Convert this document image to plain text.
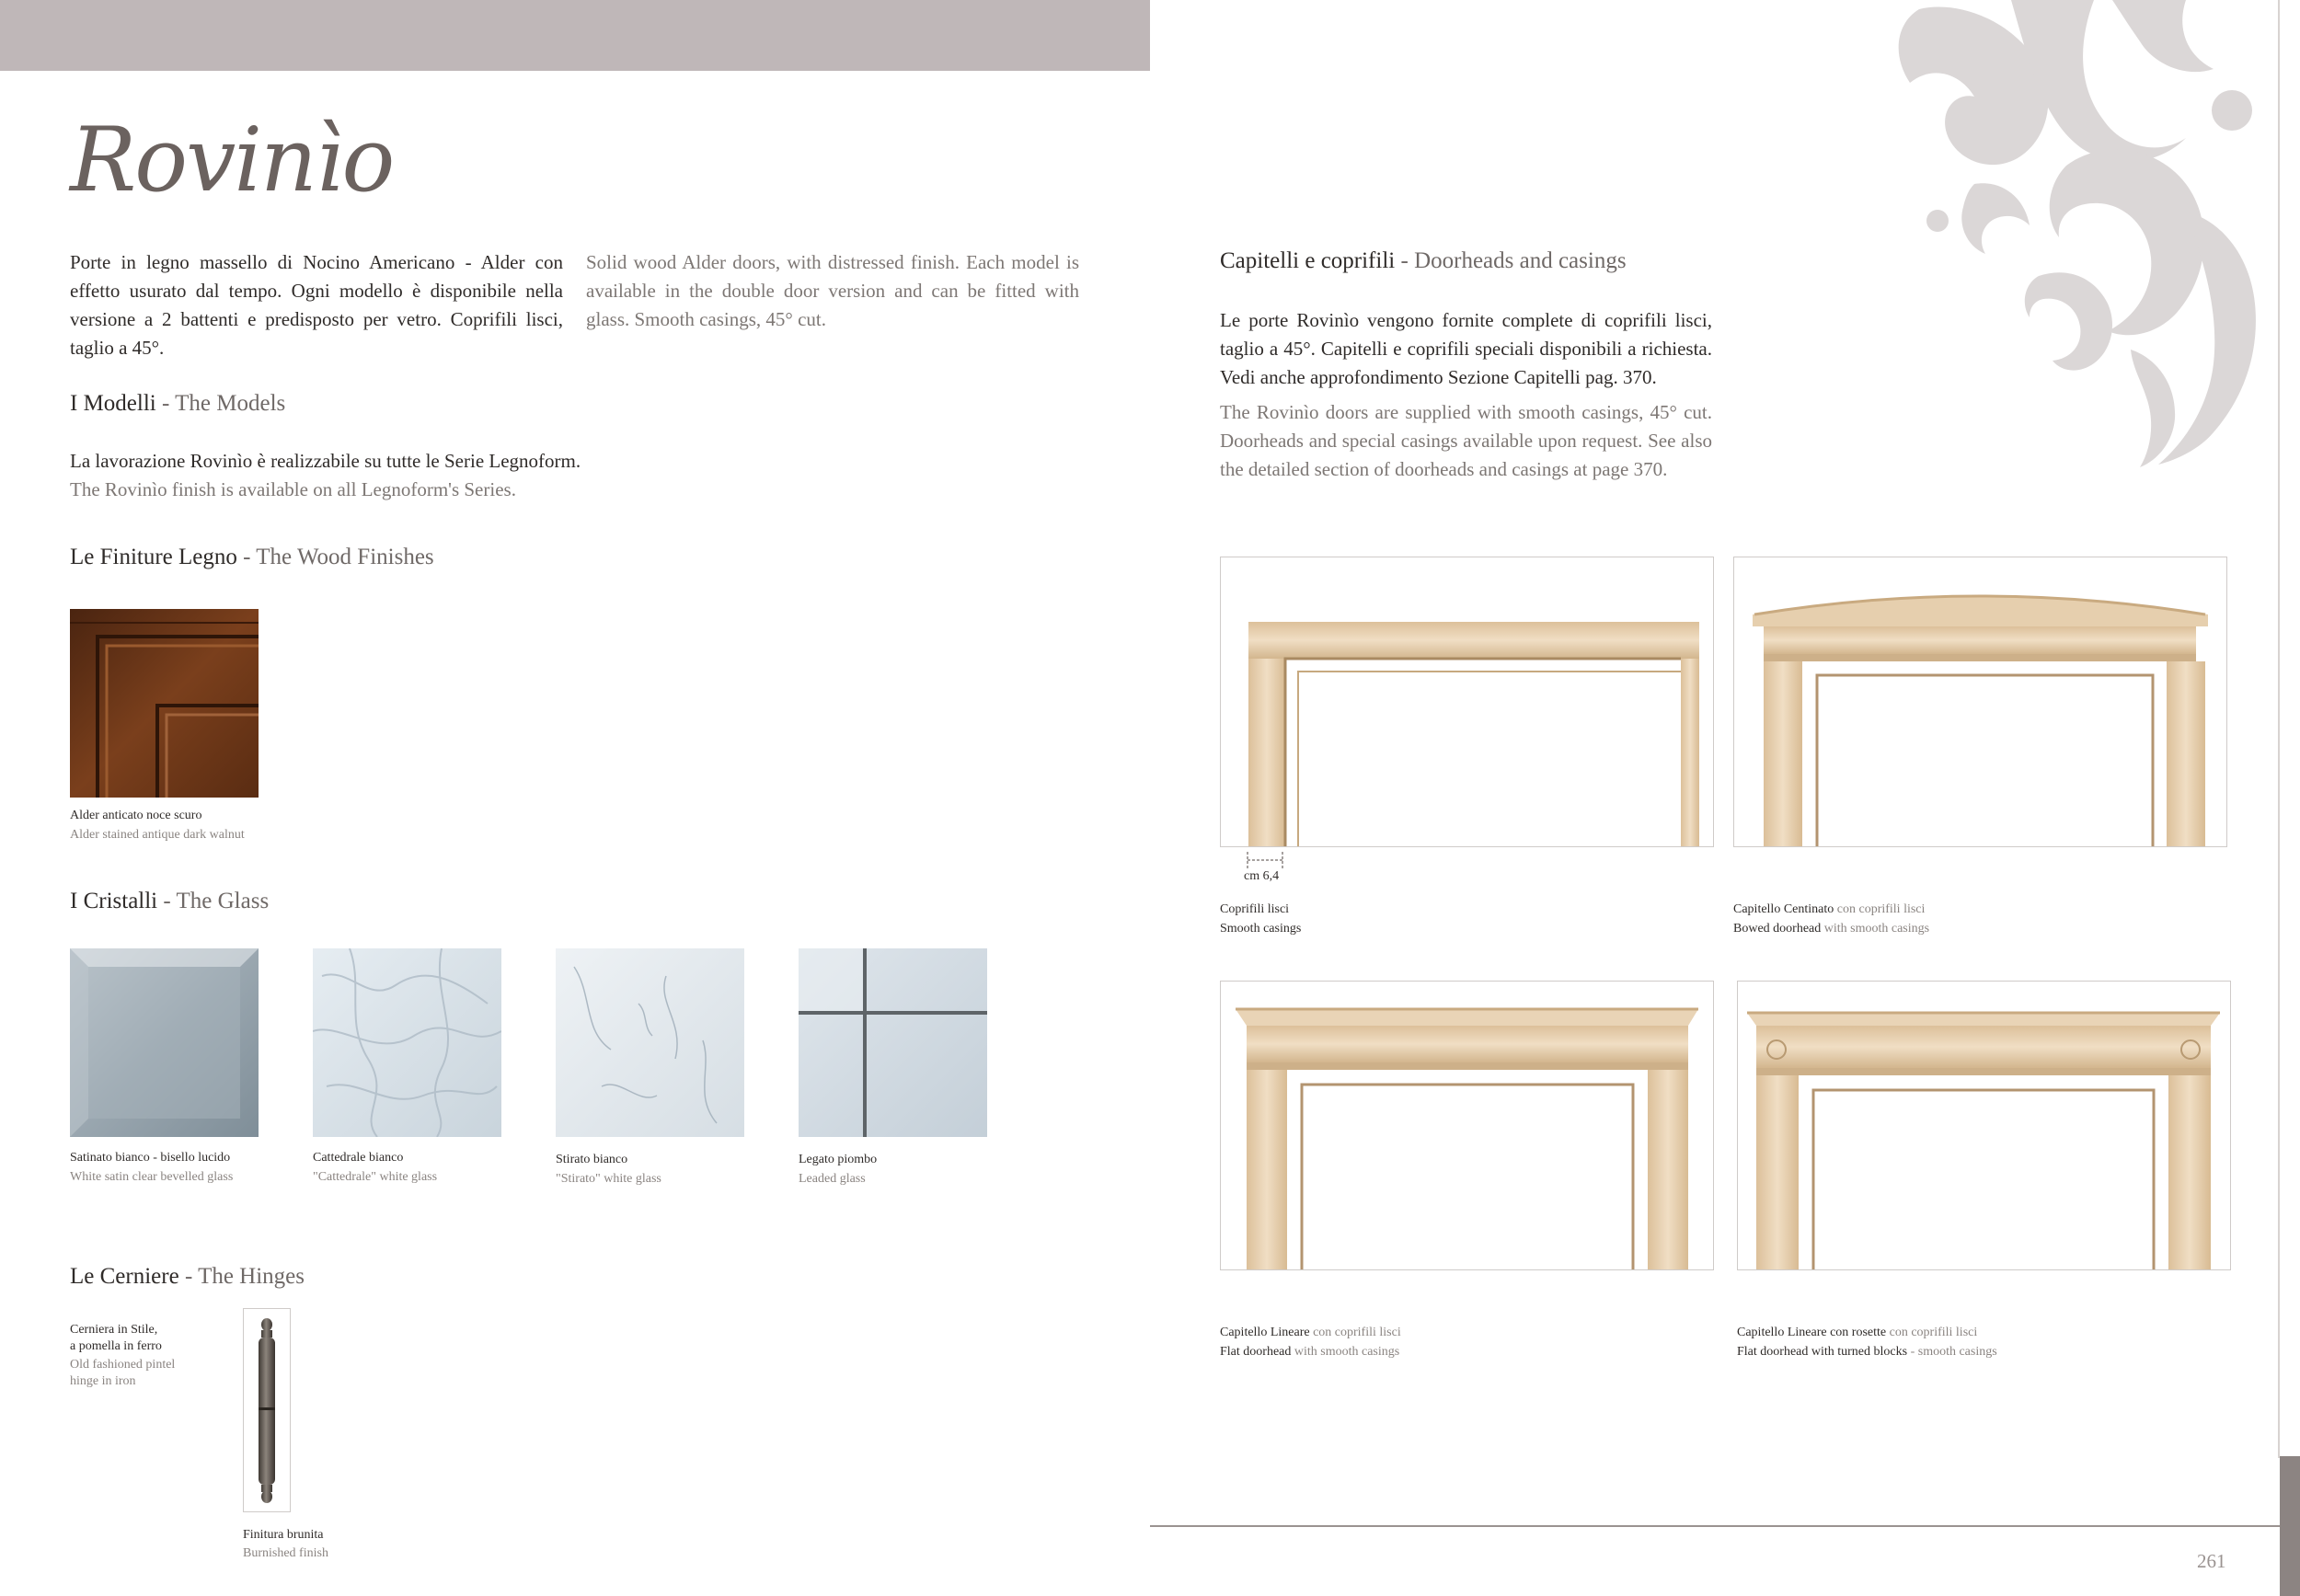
Rovinìo
Porte in legno massello di Nocino Americano - Alder con effetto usurato dal tempo. Ogni modello è disponibile nella versione a 2 battenti e predisposto per vetro. Coprifili lisci, taglio a 45°.
Solid wood Alder doors, with distressed finish. Each model is available in the double door version and can be fitted with glass. Smooth casings, 45° cut.
I Modelli - The Models
La lavorazione Rovinìo è realizzabile su tutte le Serie Legnoform.
The Rovinìo finish is available on all Legnoform's Series.
Le Finiture Legno - The Wood Finishes
Alder anticato noce scuro
Alder stained antique dark walnut
I Cristalli - The Glass
Satinato bianco - bisello lucido
White satin clear bevelled glass
Cattedrale bianco
"Cattedrale" white glass
Stirato bianco
"Stirato" white glass
Legato piombo
Leaded glass
Le Cerniere - The Hinges
Cerniera in Stile,
a pomella in ferro
Old fashioned pintel
hinge in iron
Finitura brunita
Burnished finish
Capitelli e coprifili - Doorheads and casings
Le porte Rovinìo vengono fornite complete di coprifili lisci, taglio a 45°. Capitelli e coprifili speciali disponibili a richiesta. Vedi anche approfondimento Sezione Capitelli pag. 370.
The Rovinìo doors are supplied with smooth casings, 45° cut. Doorheads and special casings available upon request. See also the detailed section of doorheads and casings at page 370.
cm 6,4
Coprifili lisci
Smooth casings
Capitello Centinato con coprifili lisci
Bowed doorhead with smooth casings
Capitello Lineare con coprifili lisci
Flat doorhead with smooth casings
Capitello Lineare con rosette con coprifili lisci
Flat doorhead with turned blocks - smooth casings
261
